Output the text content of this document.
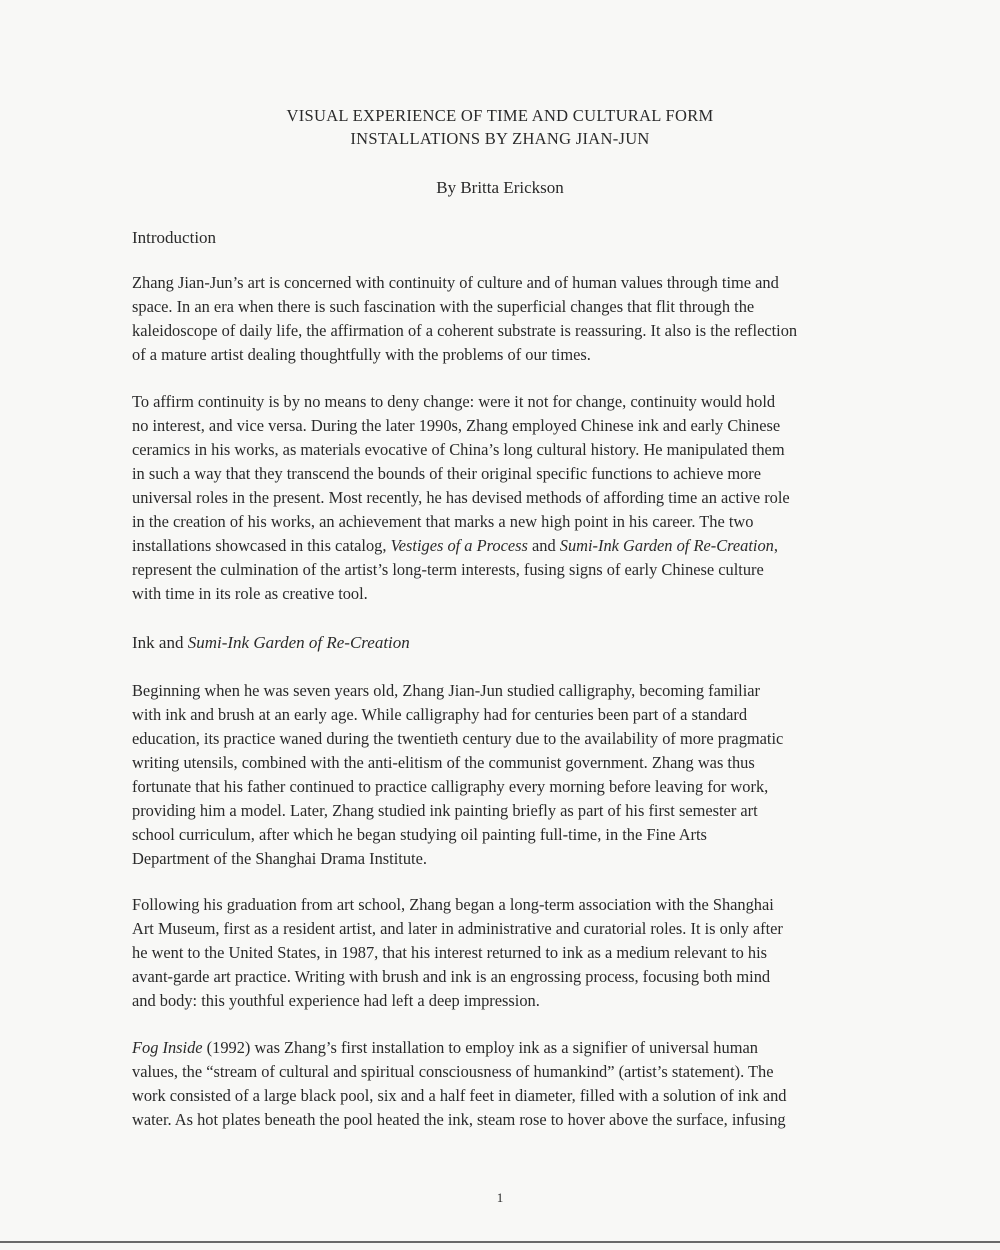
VISUAL EXPERIENCE OF TIME AND CULTURAL FORM
INSTALLATIONS BY ZHANG JIAN-JUN
By Britta Erickson

Introduction

Zhang Jian-Jun’s art is concerned with continuity of culture and of human values through time and
space. In an era when there is such fascination with the superficial changes that flit through the
kaleidoscope of daily life, the affirmation of a coherent substrate is reassuring. It also is the reflection
of a mature artist dealing thoughtfully with the problems of our times.
To affirm continuity is by no means to deny change: were it not for change, continuity would hold
no interest, and vice versa. During the later 1990s, Zhang employed Chinese ink and early Chinese
ceramics in his works, as materials evocative of China’s long cultural history. He manipulated them
in such a way that they transcend the bounds of their original specific functions to achieve more
universal roles in the present. Most recently, he has devised methods of affording time an active role
in the creation of his works, an achievement that marks a new high point in his career. The two
installations showcased in this catalog, Vestiges of a Process and Sumi-Ink Garden of Re-Creation,
represent the culmination of the artist’s long-term interests, fusing signs of early Chinese culture
with time in its role as creative tool.

Ink and Sumi-Ink Garden of Re-Creation

Beginning when he was seven years old, Zhang Jian-Jun studied calligraphy, becoming familiar
with ink and brush at an early age. While calligraphy had for centuries been part of a standard
education, its practice waned during the twentieth century due to the availability of more pragmatic
writing utensils, combined with the anti-elitism of the communist government. Zhang was thus
fortunate that his father continued to practice calligraphy every morning before leaving for work,
providing him a model. Later, Zhang studied ink painting briefly as part of his first semester art
school curriculum, after which he began studying oil painting full-time, in the Fine Arts
Department of the Shanghai Drama Institute.
Following his graduation from art school, Zhang began a long-term association with the Shanghai
Art Museum, first as a resident artist, and later in administrative and curatorial roles. It is only after
he went to the United States, in 1987, that his interest returned to ink as a medium relevant to his
avant-garde art practice. Writing with brush and ink is an engrossing process, focusing both mind
and body: this youthful experience had left a deep impression.
Fog Inside (1992) was Zhang’s first installation to employ ink as a signifier of universal human
values, the “stream of cultural and spiritual consciousness of humankind” (artist’s statement). The
work consisted of a large black pool, six and a half feet in diameter, filled with a solution of ink and
water. As hot plates beneath the pool heated the ink, steam rose to hover above the surface, infusing
1
